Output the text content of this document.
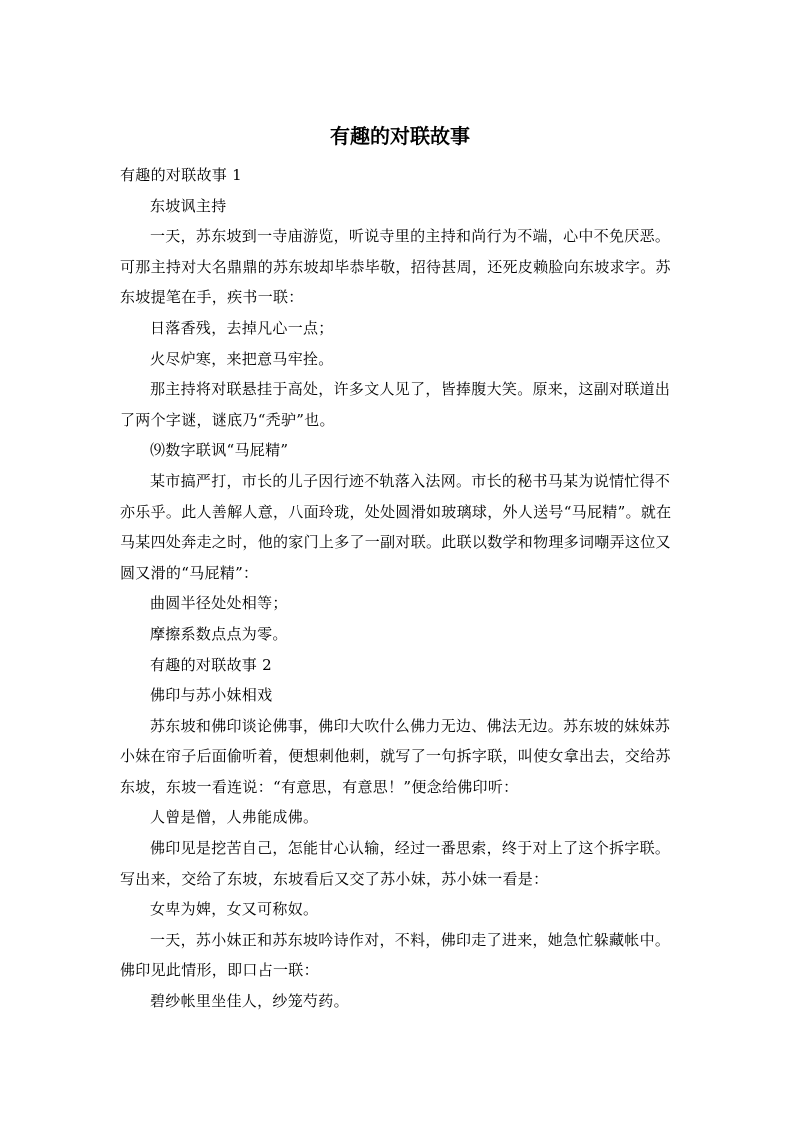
有趣的对联故事

有趣的对联故事 1

东坡讽主持

一天，苏东坡到一寺庙游览，听说寺里的主持和尚行为不端，心中不免厌恶。可那主持对大名鼎鼎的苏东坡却毕恭毕敬，招待甚周，还死皮赖脸向东坡求字。苏东坡提笔在手，疾书一联：

日落香残，去掉凡心一点；

火尽炉寒，来把意马牢拴。

那主持将对联悬挂于高处，许多文人见了，皆捧腹大笑。原来，这副对联道出了两个字谜，谜底乃“秃驴”也。

⑼数字联讽“马屁精”

某市搞严打，市长的儿子因行迹不轨落入法网。市长的秘书马某为说情忙得不亦乐乎。此人善解人意，八面玲珑，处处圆滑如玻璃球，外人送号“马屁精”。就在马某四处奔走之时，他的家门上多了一副对联。此联以数学和物理多词嘲弄这位又圆又滑的“马屁精”：

曲圆半径处处相等；

摩擦系数点点为零。

有趣的对联故事 2

佛印与苏小妹相戏

苏东坡和佛印谈论佛事，佛印大吹什么佛力无边、佛法无边。苏东坡的妹妹苏小妹在帘子后面偷听着，便想刺他刺，就写了一句拆字联，叫使女拿出去，交给苏东坡，东坡一看连说：“有意思，有意思！”便念给佛印听：

人曾是僧，人弗能成佛。

佛印见是挖苦自己，怎能甘心认输，经过一番思索，终于对上了这个拆字联。写出来，交给了东坡，东坡看后又交了苏小妹，苏小妹一看是：

女卑为婢，女又可称奴。

一天，苏小妹正和苏东坡吟诗作对，不料，佛印走了进来，她急忙躲藏帐中。佛印见此情形，即口占一联：

碧纱帐里坐佳人，纱笼芍药。
